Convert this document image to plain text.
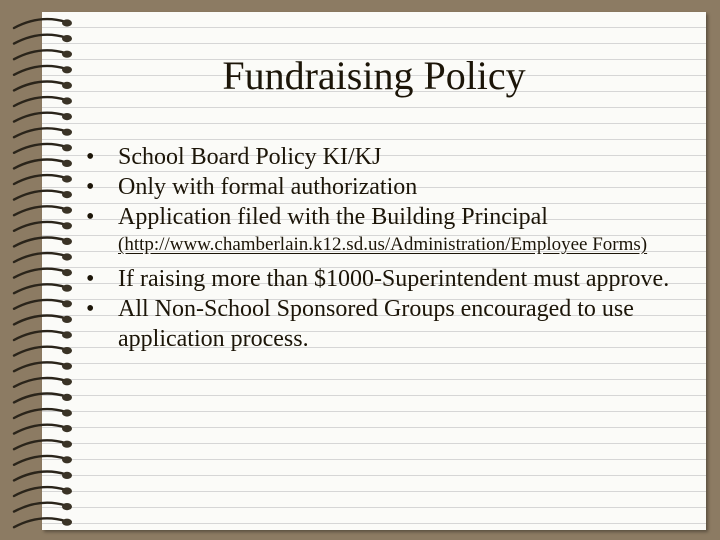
Fundraising Policy
• School Board Policy KI/KJ
• Only with formal authorization
• Application filed with the Building Principal
(http://www.chamberlain.k12.sd.us/Administration/Employee Forms)
• If raising more than $1000-Superintendent must approve.
• All Non-School Sponsored Groups encouraged to use application process.
